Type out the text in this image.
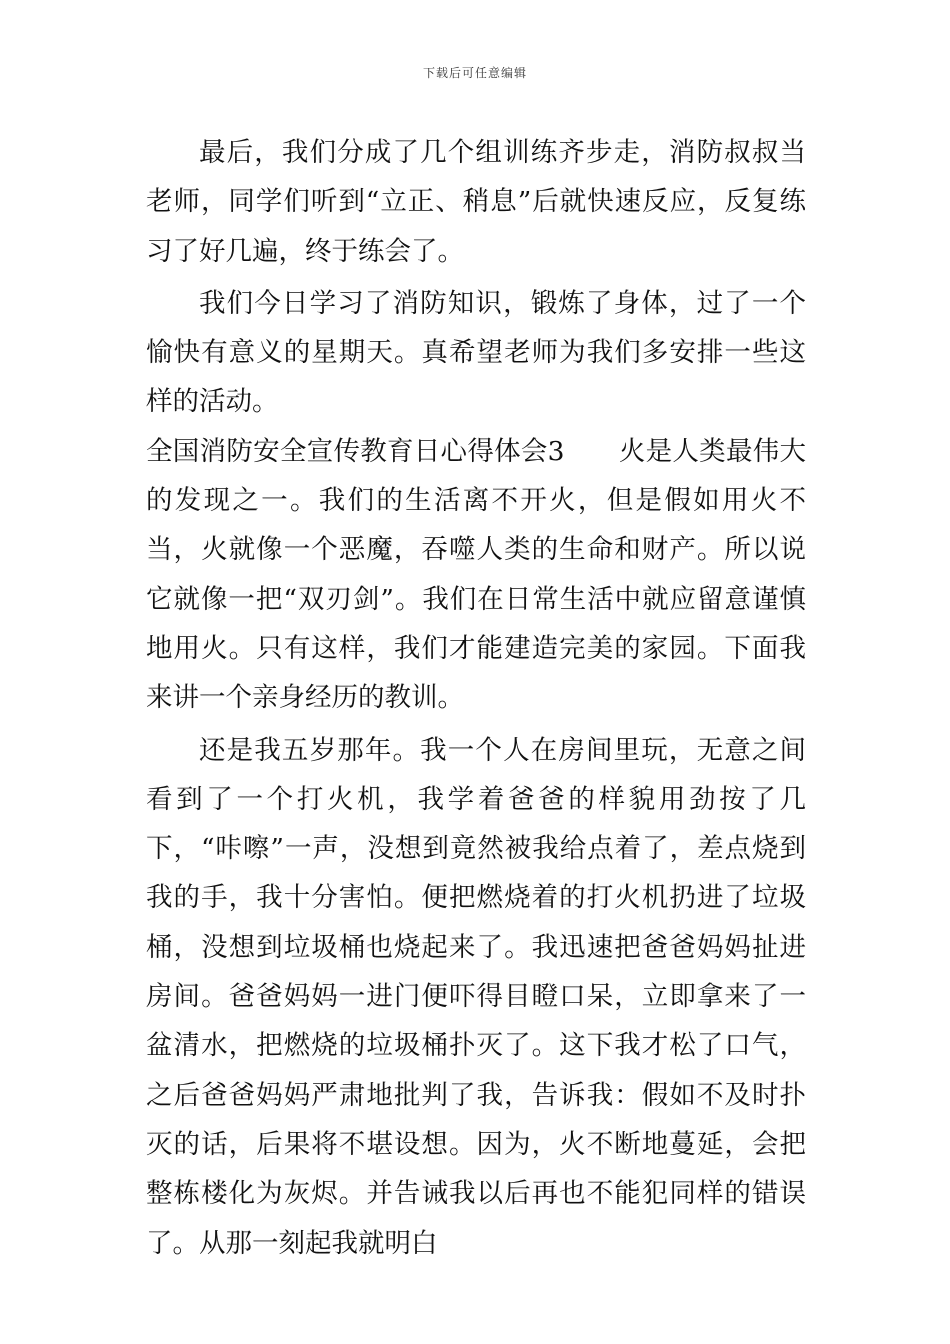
下载后可任意编辑

最后，我们分成了几个组训练齐步走，消防叔叔当老师，同学们听到“立正、稍息”后就快速反应，反复练习了好几遍，终于练会了。

我们今日学习了消防知识，锻炼了身体，过了一个愉快有意义的星期天。真希望老师为我们多安排一些这样的活动。

全国消防安全宣传教育日心得体会3 火是人类最伟大的发现之一。我们的生活离不开火，但是假如用火不当，火就像一个恶魔，吞噬人类的生命和财产。所以说它就像一把“双刃剑”。我们在日常生活中就应留意谨慎地用火。只有这样，我们才能建造完美的家园。下面我来讲一个亲身经历的教训。

还是我五岁那年。我一个人在房间里玩，无意之间看到了一个打火机，我学着爸爸的样貌用劲按了几下，“咔嚓”一声，没想到竟然被我给点着了，差点烧到我的手，我十分害怕。便把燃烧着的打火机扔进了垃圾桶，没想到垃圾桶也烧起来了。我迅速把爸爸妈妈扯进房间。爸爸妈妈一进门便吓得目瞪口呆，立即拿来了一盆清水，把燃烧的垃圾桶扑灭了。这下我才松了口气，之后爸爸妈妈严肃地批判了我，告诉我：假如不及时扑灭的话，后果将不堪设想。因为，火不断地蔓延，会把整栋楼化为灰烬。并告诫我以后再也不能犯同样的错误了。从那一刻起我就明白
